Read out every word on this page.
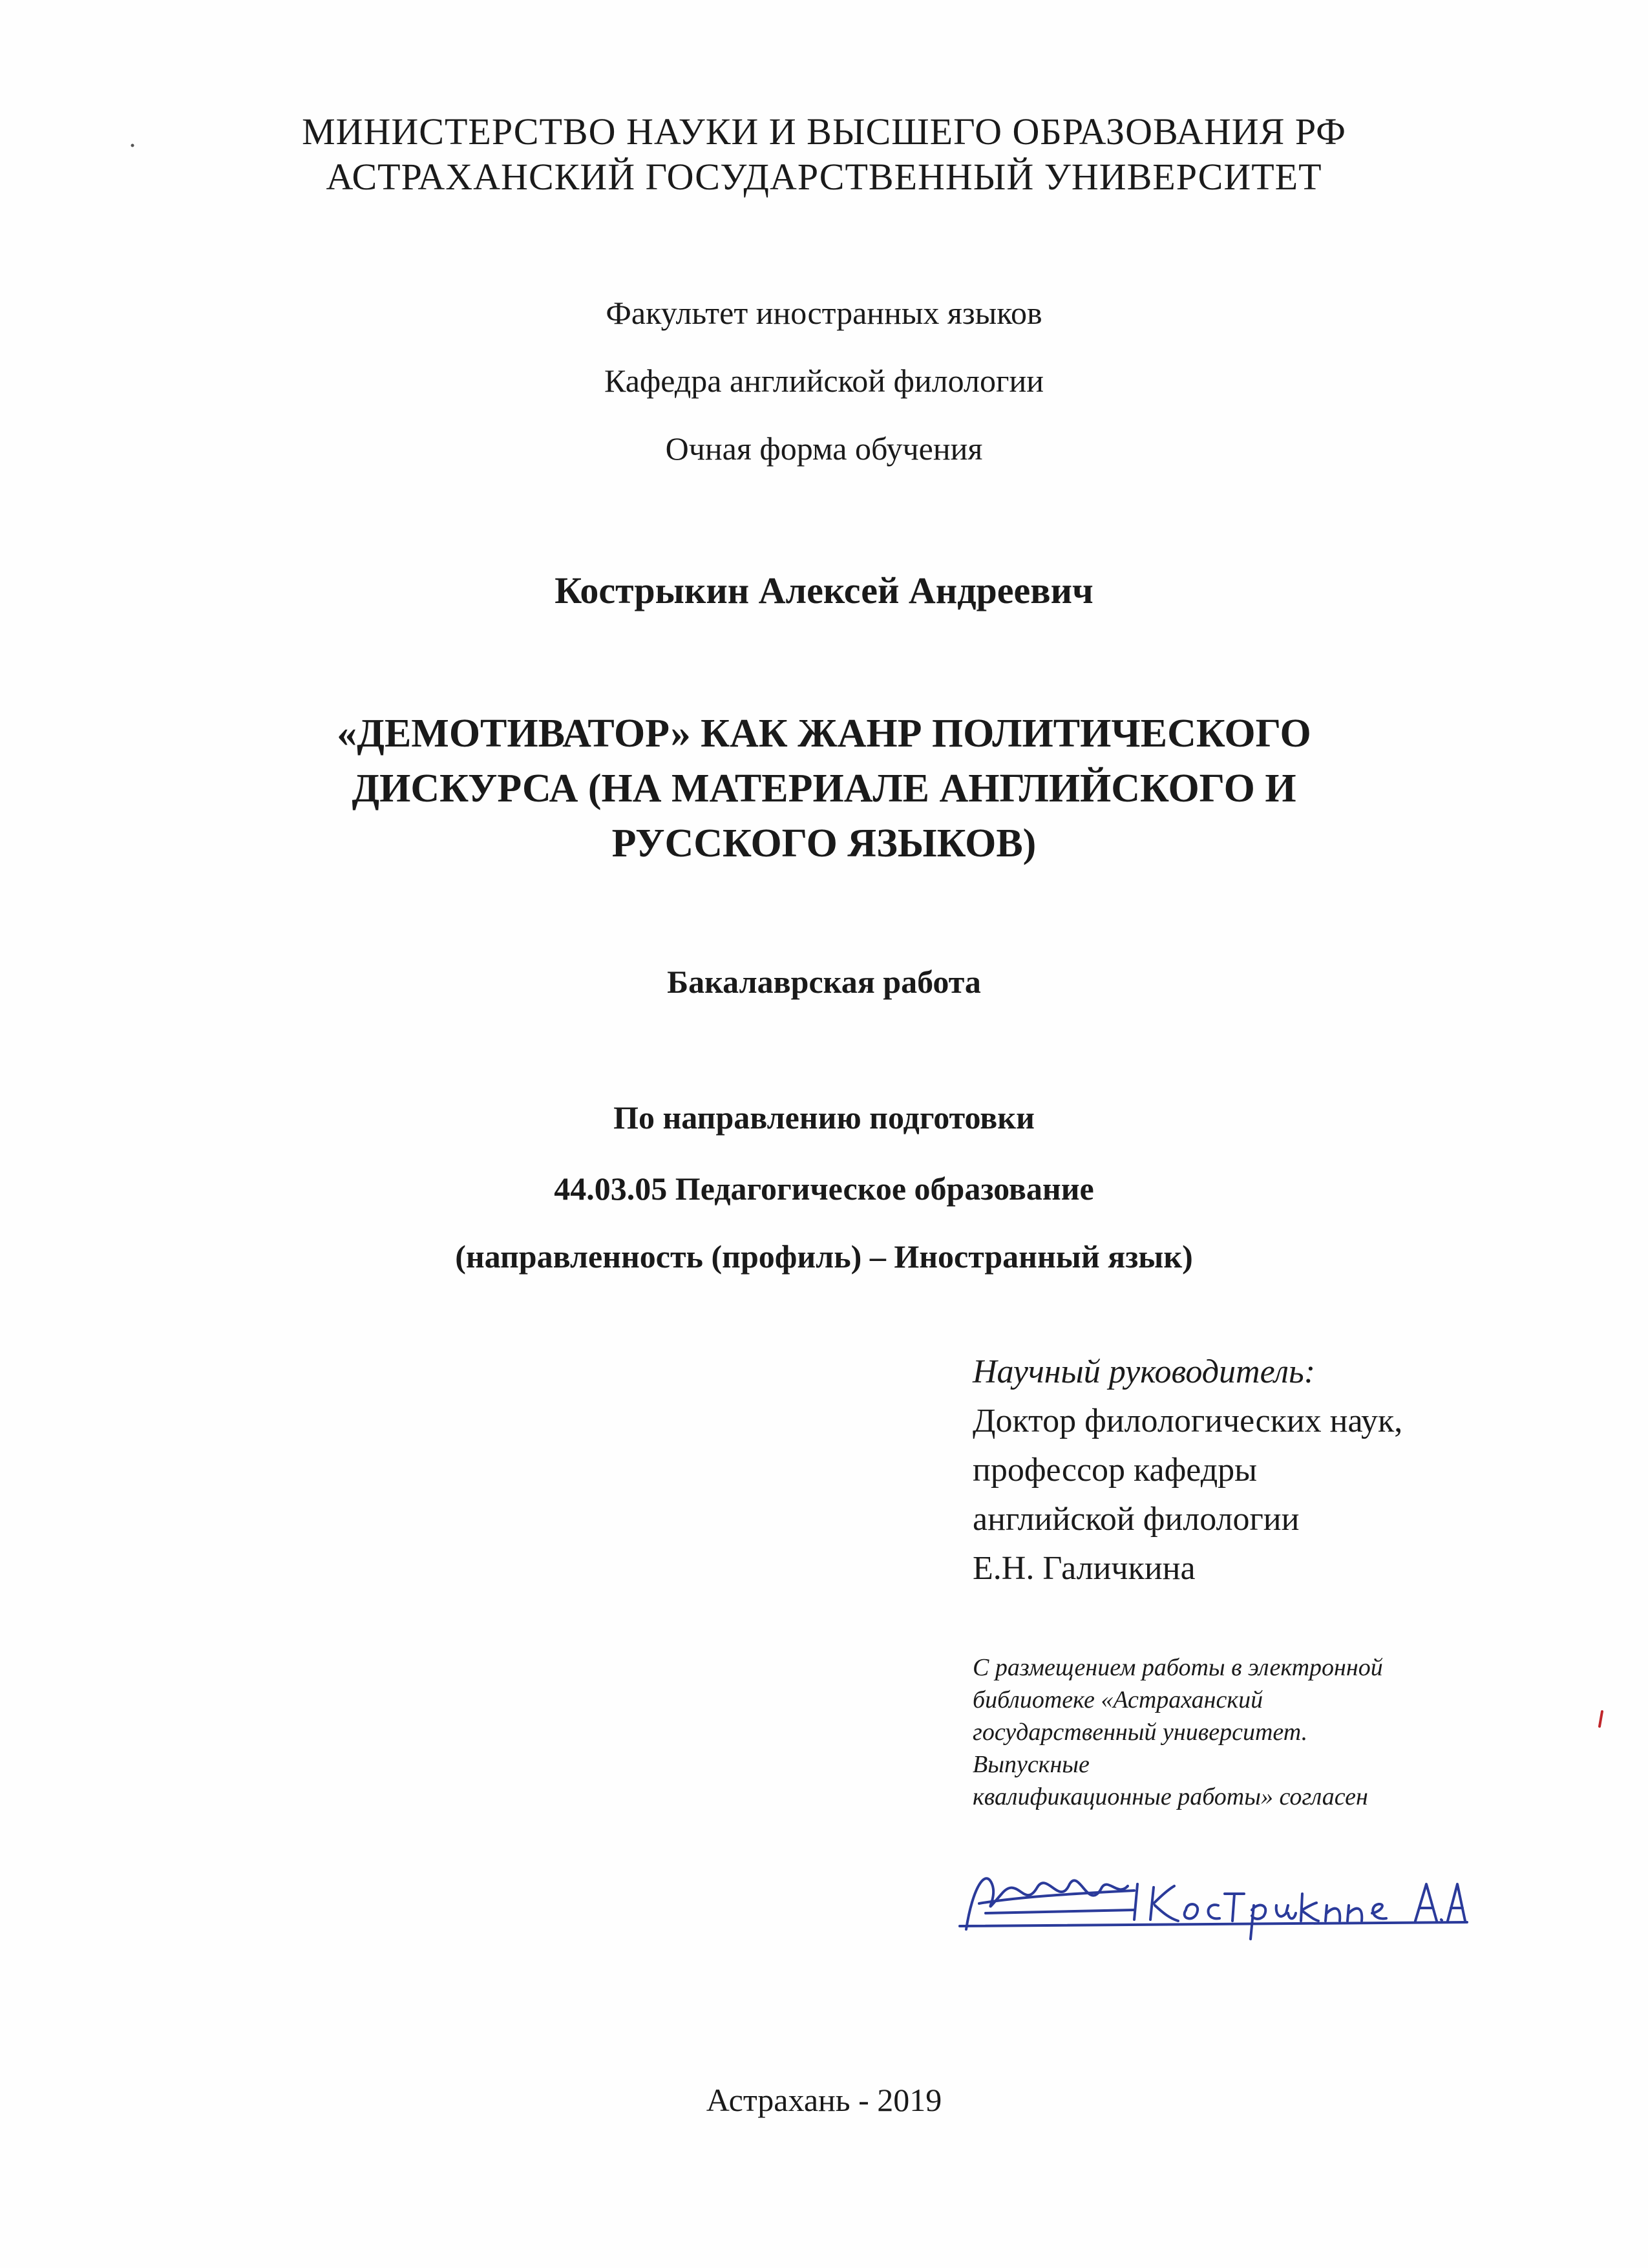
МИНИСТЕРСТВО НАУКИ И ВЫСШЕГО ОБРАЗОВАНИЯ РФ
АСТРАХАНСКИЙ ГОСУДАРСТВЕННЫЙ УНИВЕРСИТЕТ
Факультет иностранных языков
Кафедра английской филологии
Очная форма обучения
Кострыкин Алексей Андреевич
«ДЕМОТИВАТОР» КАК ЖАНР ПОЛИТИЧЕСКОГО
ДИСКУРСА (НА МАТЕРИАЛЕ АНГЛИЙСКОГО И
РУССКОГО ЯЗЫКОВ)
Бакалаврская работа
По направлению подготовки
44.03.05 Педагогическое образование
(направленность (профиль) – Иностранный язык)
Научный руководитель:
Доктор филологических наук,
профессор кафедры
английской филологии
Е.Н. Галичкина
С размещением работы в электронной
библиотеке «Астраханский
государственный университет.
Выпускные
квалификационные работы» согласен
Астрахань - 2019
